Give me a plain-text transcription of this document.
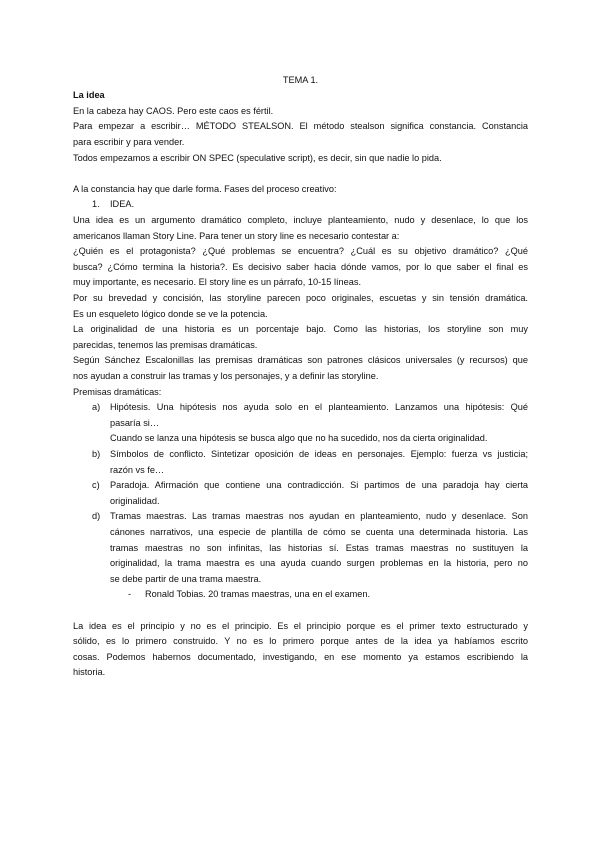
TEMA 1.
La idea
En la cabeza hay CAOS. Pero este caos es fértil.
Para empezar a escribir… MÉTODO STEALSON. El método stealson significa constancia. Constancia
para escribir y para vender.
Todos empezamos a escribir ON SPEC (speculative script), es decir, sin que nadie lo pida.
A la constancia hay que darle forma. Fases del proceso creativo:
1. IDEA.
Una idea es un argumento dramático completo, incluye planteamiento, nudo y desenlace, lo que los
americanos llaman Story Line. Para tener un story line es necesario contestar a:
¿Quién es el protagonista? ¿Qué problemas se encuentra? ¿Cuál es su objetivo dramático? ¿Qué
busca? ¿Cómo termina la historia?. Es decisivo saber hacia dónde vamos, por lo que saber el final es
muy importante, es necesario. El story line es un párrafo, 10-15 líneas.
Por su brevedad y concisión, las storyline parecen poco originales, escuetas y sin tensión dramática.
Es un esqueleto lógico donde se ve la potencia.
La originalidad de una historia es un porcentaje bajo. Como las historias, los storyline son muy
parecidas, tenemos las premisas dramáticas.
Según Sánchez Escalonillas las premisas dramáticas son patrones clásicos universales (y recursos) que
nos ayudan a construir las tramas y los personajes, y a definir las storyline.
Premisas dramáticas:
a) Hipótesis. Una hipótesis nos ayuda solo en el planteamiento. Lanzamos una hipótesis: Qué
pasaría si…
Cuando se lanza una hipótesis se busca algo que no ha sucedido, nos da cierta originalidad.
b) Símbolos de conflicto. Sintetizar oposición de ideas en personajes. Ejemplo: fuerza vs justicia;
razón vs fe…
c) Paradoja. Afirmación que contiene una contradicción. Si partimos de una paradoja hay cierta
originalidad.
d) Tramas maestras. Las tramas maestras nos ayudan en planteamiento, nudo y desenlace. Son
cánones narrativos, una especie de plantilla de cómo se cuenta una determinada historia. Las
tramas maestras no son infinitas, las historias sí. Estas tramas maestras no sustituyen la
originalidad, la trama maestra es una ayuda cuando surgen problemas en la historia, pero no
se debe partir de una trama maestra.
- Ronald Tobias. 20 tramas maestras, una en el examen.
La idea es el principio y no es el principio. Es el principio porque es el primer texto estructurado y
sólido, es lo primero construido. Y no es lo primero porque antes de la idea ya habíamos escrito
cosas. Podemos habernos documentado, investigando, en ese momento ya estamos escribiendo la
historia.
